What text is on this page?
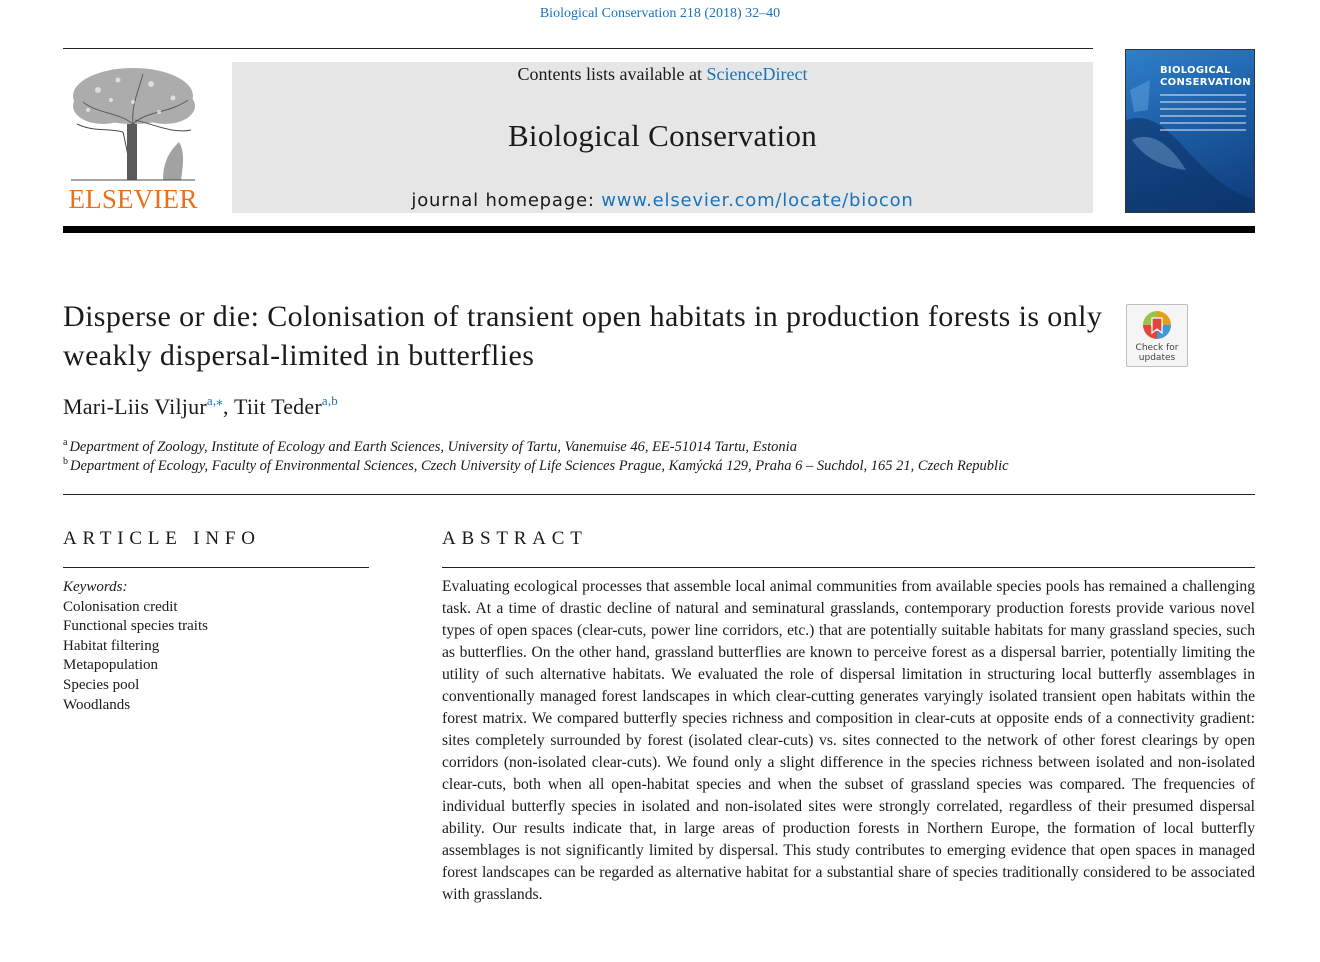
Biological Conservation 218 (2018) 32–40
ELSEVIER
Contents lists available at ScienceDirect
Biological Conservation
journal homepage: www.elsevier.com/locate/biocon
BIOLOGICAL CONSERVATION
Disperse or die: Colonisation of transient open habitats in production forests is only weakly dispersal-limited in butterflies	Check for updates
Mari-Liis Viljur$^{a,⁎}$, Tiit Teder$^{a,b}$
$^a$ Department of Zoology, Institute of Ecology and Earth Sciences, University of Tartu, Vanemuise 46, EE-51014 Tartu, Estonia
$^b$ Department of Ecology, Faculty of Environmental Sciences, Czech University of Life Sciences Prague, Kamýcká 129, Praha 6 – Suchdol, 165 21, Czech Republic
ARTICLE INFO	ABSTRACT
Keywords:
Colonisation credit
Functional species traits
Habitat filtering
Metapopulation
Species pool
Woodlands
Evaluating ecological processes that assemble local animal communities from available species pools has remained a challenging task. At a time of drastic decline of natural and seminatural grasslands, contemporary production forests provide various novel types of open spaces (clear-cuts, power line corridors, etc.) that are potentially suitable habitats for many grassland species, such as butterflies. On the other hand, grassland butterflies are known to perceive forest as a dispersal barrier, potentially limiting the utility of such alternative habitats. We evaluated the role of dispersal limitation in structuring local butterfly assemblages in conventionally managed forest landscapes in which clear-cutting generates varyingly isolated transient open habitats within the forest matrix. We compared butterfly species richness and composition in clear-cuts at opposite ends of a connectivity gradient: sites completely surrounded by forest (isolated clear-cuts) vs. sites connected to the network of other forest clearings by open corridors (non-isolated clear-cuts). We found only a slight difference in the species richness between isolated and non-isolated clear-cuts, both when all open-habitat species and when the subset of grassland species was compared. The frequencies of individual butterfly species in isolated and non-isolated sites were strongly correlated, regardless of their presumed dispersal ability. Our results indicate that, in large areas of production forests in Northern Europe, the formation of local butterfly assemblages is not significantly limited by dispersal. This study contributes to emerging evidence that open spaces in managed forest landscapes can be regarded as alternative habitat for a substantial share of species traditionally considered to be associated with grasslands.
